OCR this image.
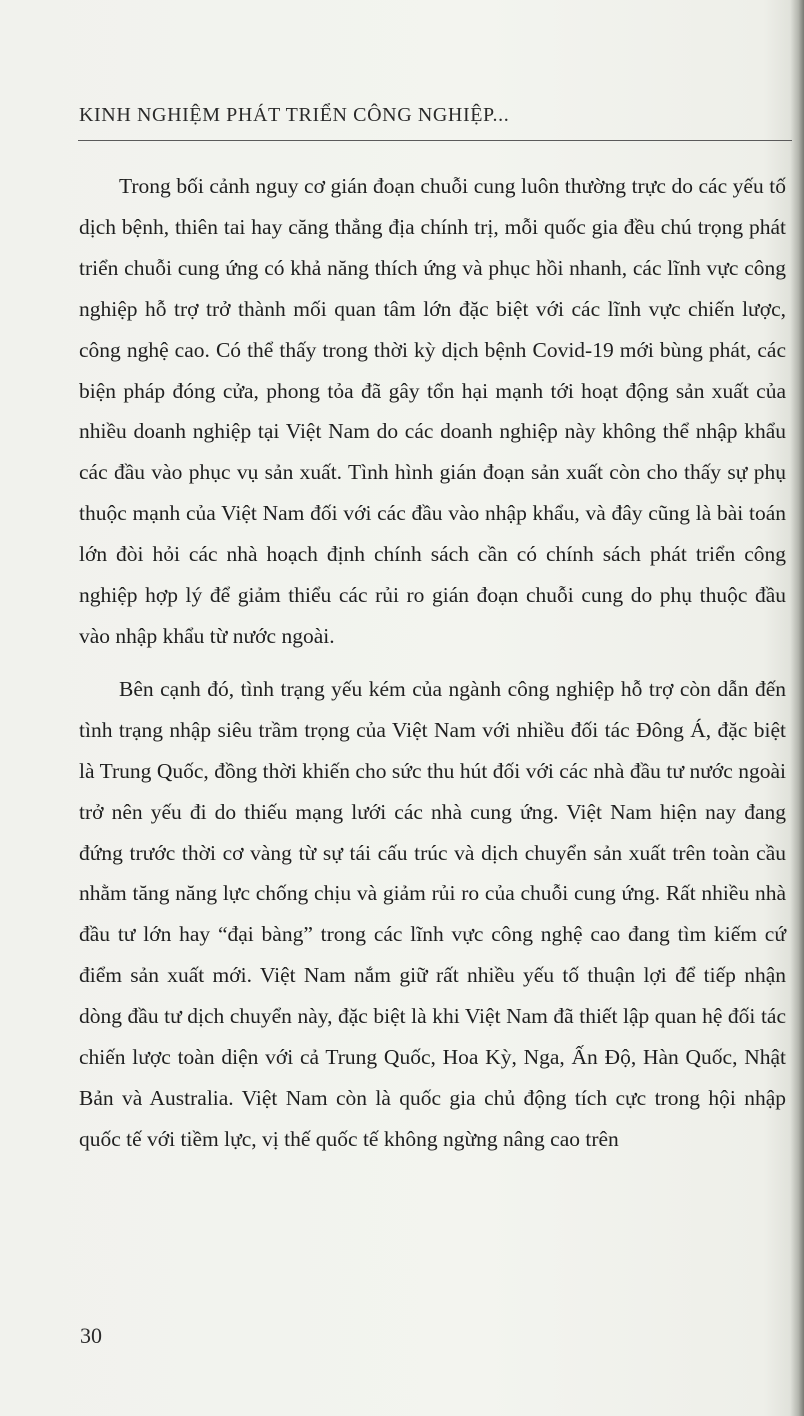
KINH NGHIỆM PHÁT TRIỂN CÔNG NGHIỆP...

Trong bối cảnh nguy cơ gián đoạn chuỗi cung luôn thường trực do các yếu tố dịch bệnh, thiên tai hay căng thẳng địa chính trị, mỗi quốc gia đều chú trọng phát triển chuỗi cung ứng có khả năng thích ứng và phục hồi nhanh, các lĩnh vực công nghiệp hỗ trợ trở thành mối quan tâm lớn đặc biệt với các lĩnh vực chiến lược, công nghệ cao. Có thể thấy trong thời kỳ dịch bệnh Covid-19 mới bùng phát, các biện pháp đóng cửa, phong tỏa đã gây tổn hại mạnh tới hoạt động sản xuất của nhiều doanh nghiệp tại Việt Nam do các doanh nghiệp này không thể nhập khẩu các đầu vào phục vụ sản xuất. Tình hình gián đoạn sản xuất còn cho thấy sự phụ thuộc mạnh của Việt Nam đối với các đầu vào nhập khẩu, và đây cũng là bài toán lớn đòi hỏi các nhà hoạch định chính sách cần có chính sách phát triển công nghiệp hợp lý để giảm thiểu các rủi ro gián đoạn chuỗi cung do phụ thuộc đầu vào nhập khẩu từ nước ngoài.

Bên cạnh đó, tình trạng yếu kém của ngành công nghiệp hỗ trợ còn dẫn đến tình trạng nhập siêu trầm trọng của Việt Nam với nhiều đối tác Đông Á, đặc biệt là Trung Quốc, đồng thời khiến cho sức thu hút đối với các nhà đầu tư nước ngoài trở nên yếu đi do thiếu mạng lưới các nhà cung ứng. Việt Nam hiện nay đang đứng trước thời cơ vàng từ sự tái cấu trúc và dịch chuyển sản xuất trên toàn cầu nhằm tăng năng lực chống chịu và giảm rủi ro của chuỗi cung ứng. Rất nhiều nhà đầu tư lớn hay “đại bàng” trong các lĩnh vực công nghệ cao đang tìm kiếm cứ điểm sản xuất mới. Việt Nam nắm giữ rất nhiều yếu tố thuận lợi để tiếp nhận dòng đầu tư dịch chuyển này, đặc biệt là khi Việt Nam đã thiết lập quan hệ đối tác chiến lược toàn diện với cả Trung Quốc, Hoa Kỳ, Nga, Ấn Độ, Hàn Quốc, Nhật Bản và Australia. Việt Nam còn là quốc gia chủ động tích cực trong hội nhập quốc tế với tiềm lực, vị thế quốc tế không ngừng nâng cao trên

30
